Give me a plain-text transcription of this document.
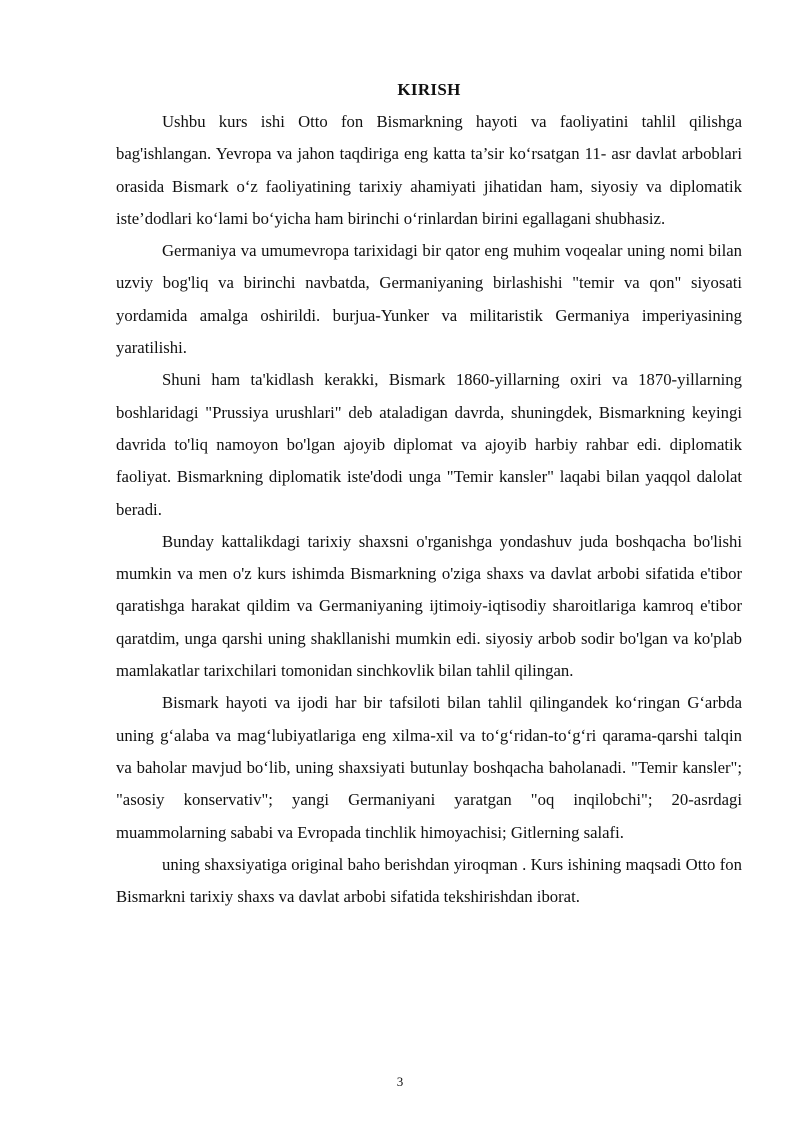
KIRISH

Ushbu kurs ishi Otto fon Bismarkning hayoti va faoliyatini tahlil qilishga bag'ishlangan. Yevropa va jahon taqdiriga eng katta ta’sir ko‘rsatgan 11- asr davlat arboblari orasida Bismark o‘z faoliyatining tarixiy ahamiyati jihatidan ham, siyosiy va diplomatik iste’dodlari ko‘lami bo‘yicha ham birinchi o‘rinlardan birini egallagani shubhasiz.

Germaniya va umumevropa tarixidagi bir qator eng muhim voqealar uning nomi bilan uzviy bog'liq va birinchi navbatda, Germaniyaning birlashishi "temir va qon" siyosati yordamida amalga oshirildi. burjua-Yunker va militaristik Germaniya imperiyasining yaratilishi.

Shuni ham ta'kidlash kerakki, Bismark 1860-yillarning oxiri va 1870-yillarning boshlaridagi "Prussiya urushlari" deb ataladigan davrda, shuningdek, Bismarkning keyingi davrida to'liq namoyon bo'lgan ajoyib diplomat va ajoyib harbiy rahbar edi. diplomatik faoliyat. Bismarkning diplomatik iste'dodi unga "Temir kansler" laqabi bilan yaqqol dalolat beradi.

Bunday kattalikdagi tarixiy shaxsni o'rganishga yondashuv juda boshqacha bo'lishi mumkin va men o'z kurs ishimda Bismarkning o'ziga shaxs va davlat arbobi sifatida e'tibor qaratishga harakat qildim va Germaniyaning ijtimoiy-iqtisodiy sharoitlariga kamroq e'tibor qaratdim, unga qarshi uning shakllanishi mumkin edi. siyosiy arbob sodir bo'lgan va ko'plab mamlakatlar tarixchilari tomonidan sinchkovlik bilan tahlil qilingan.

Bismark hayoti va ijodi har bir tafsiloti bilan tahlil qilingandek ko‘ringan G‘arbda uning g‘alaba va mag‘lubiyatlariga eng xilma-xil va to‘g‘ridan-to‘g‘ri qarama-qarshi talqin va baholar mavjud bo‘lib, uning shaxsiyati butunlay boshqacha baholanadi. "Temir kansler"; "asosiy konservativ"; yangi Germaniyani yaratgan "oq inqilobchi"; 20-asrdagi muammolarning sababi va Evropada tinchlik himoyachisi; Gitlerning salafi.

uning shaxsiyatiga original baho berishdan yiroqman . Kurs ishining maqsadi Otto fon Bismarkni tarixiy shaxs va davlat arbobi sifatida tekshirishdan iborat.

3
